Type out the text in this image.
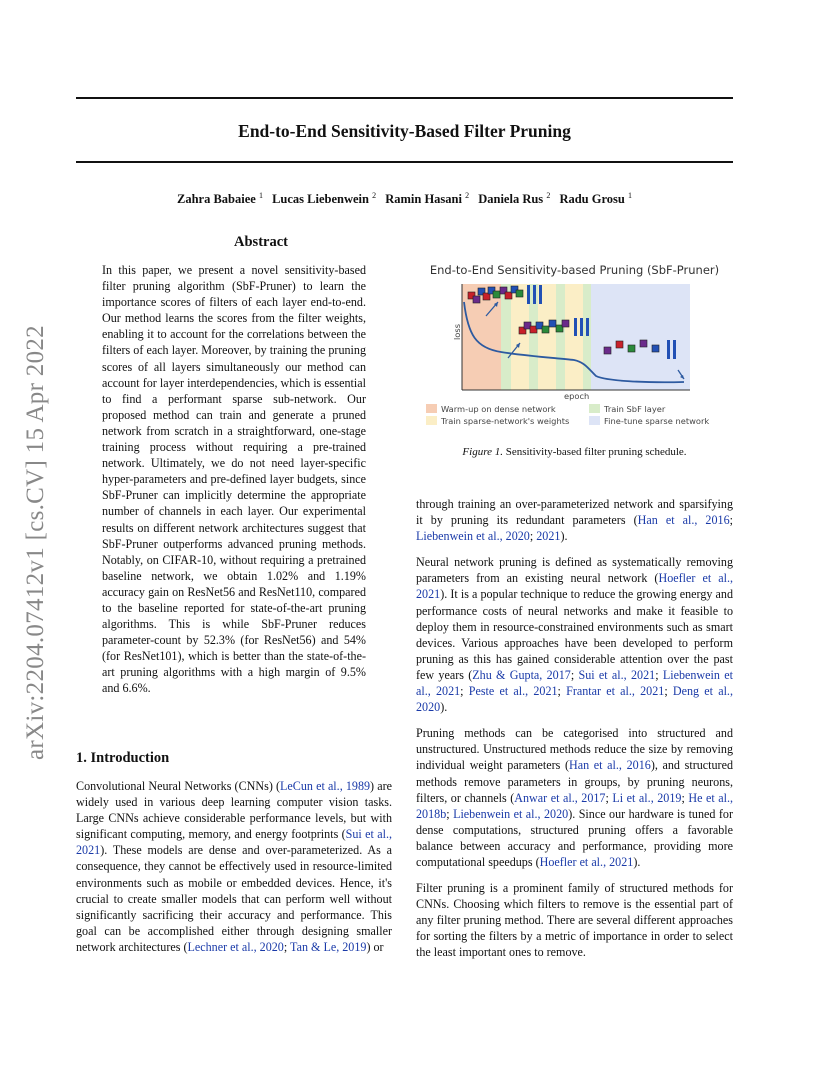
End-to-End Sensitivity-Based Filter Pruning
Zahra Babaiee $^1$ Lucas Liebenwein $^2$ Ramin Hasani $^2$ Daniela Rus $^2$ Radu Grosu $^1$
arXiv:2204.07412v1 [cs.CV] 15 Apr 2022
Abstract
In this paper, we present a novel sensitivity-based filter pruning algorithm (SbF-Pruner) to learn the importance scores of filters of each layer end-to-end. Our method learns the scores from the filter weights, enabling it to account for the correlations between the filters of each layer. Moreover, by training the pruning scores of all layers simultaneously our method can account for layer interdependencies, which is essential to find a performant sparse sub-network. Our proposed method can train and generate a pruned network from scratch in a straightforward, one-stage training process without requiring a pre-trained network. Ultimately, we do not need layer-specific hyper-parameters and pre-defined layer budgets, since SbF-Pruner can implicitly determine the appropriate number of channels in each layer. Our experimental results on different network architectures suggest that SbF-Pruner outperforms advanced pruning methods. Notably, on CIFAR-10, without requiring a pretrained baseline network, we obtain 1.02% and 1.19% accuracy gain on ResNet56 and ResNet110, compared to the baseline reported for state-of-the-art pruning algorithms. This is while SbF-Pruner reduces parameter-count by 52.3% (for ResNet56) and 54% (for ResNet101), which is better than the state-of-the-art pruning algorithms with a high margin of 9.5% and 6.6%.
1. Introduction
Convolutional Neural Networks (CNNs) (LeCun et al., 1989) are widely used in various deep learning computer vision tasks. Large CNNs achieve considerable performance levels, but with significant computing, memory, and energy footprints (Sui et al., 2021). These models are dense and over-parameterized. As a consequence, they cannot be effectively used in resource-limited environments such as mobile or embedded devices. Hence, it's crucial to create smaller models that can perform well without significantly sacrificing their accuracy and performance. This goal can be accomplished either through designing smaller network architectures (Lechner et al., 2020; Tan & Le, 2019) or
End-to-End Sensitivity-based Pruning (SbF-Pruner)
loss
epoch
Warm-up on dense network	Train SbF layer
Train sparse-network's weights	Fine-tune sparse network
Figure 1. Sensitivity-based filter pruning schedule.

through training an over-parameterized network and sparsifying it by pruning its redundant parameters (Han et al., 2016; Liebenwein et al., 2020; 2021).

Neural network pruning is defined as systematically removing parameters from an existing neural network (Hoefler et al., 2021). It is a popular technique to reduce the growing energy and performance costs of neural networks and make it feasible to deploy them in resource-constrained environments such as smart devices. Various approaches have been developed to perform pruning as this has gained considerable attention over the past few years (Zhu & Gupta, 2017; Sui et al., 2021; Liebenwein et al., 2021; Peste et al., 2021; Frantar et al., 2021; Deng et al., 2020).

Pruning methods can be categorised into structured and unstructured. Unstructured methods reduce the size by removing individual weight parameters (Han et al., 2016), and structured methods remove parameters in groups, by pruning neurons, filters, or channels (Anwar et al., 2017; Li et al., 2019; He et al., 2018b; Liebenwein et al., 2020). Since our hardware is tuned for dense computations, structured pruning offers a favorable balance between accuracy and performance, providing more computational speedups (Hoefler et al., 2021).

Filter pruning is a prominent family of structured methods for CNNs. Choosing which filters to remove is the essential part of any filter pruning method. There are several different approaches for sorting the filters by a metric of importance in order to select the least important ones to remove.
